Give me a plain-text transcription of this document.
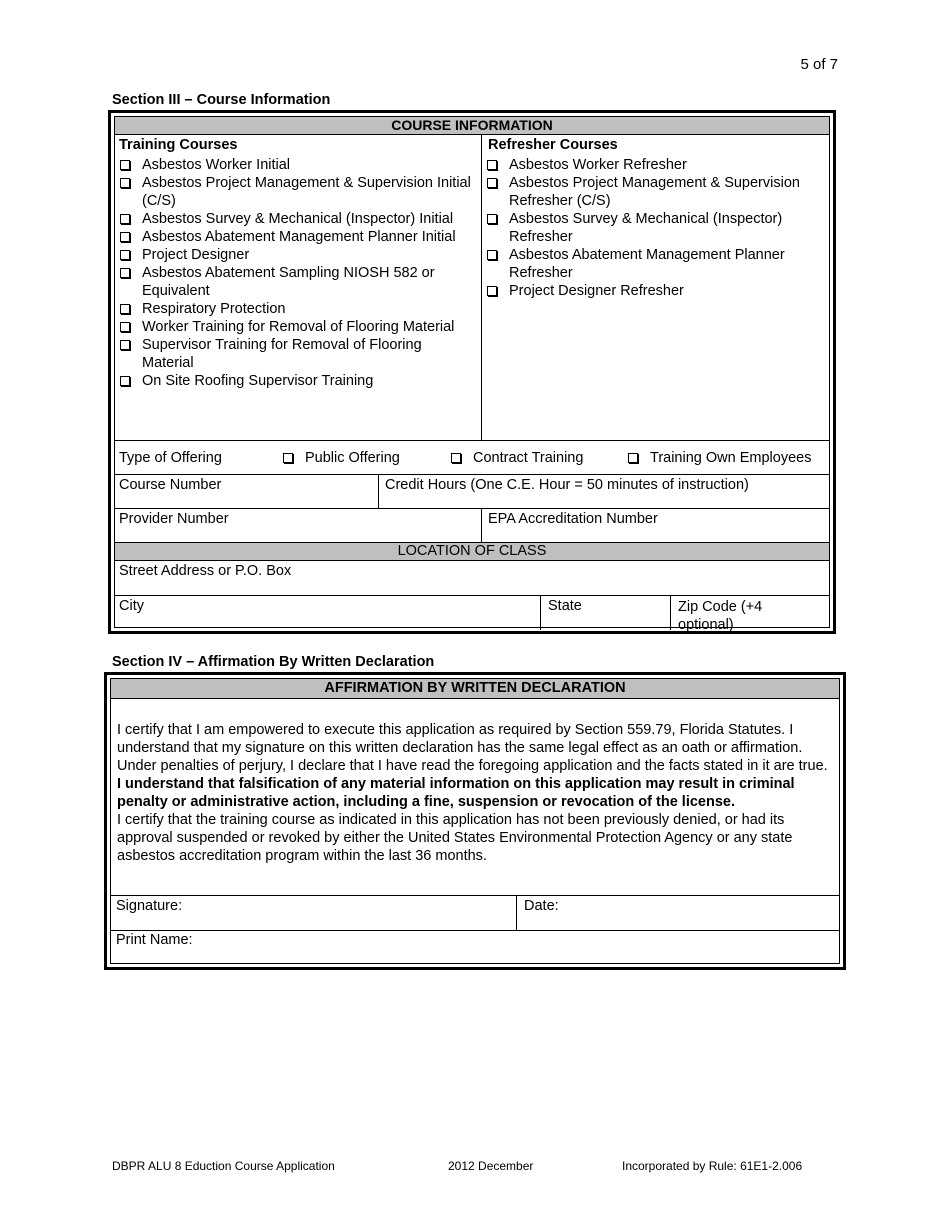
5 of 7
Section III – Course Information
COURSE INFORMATION
Training Courses
Asbestos Worker Initial
Asbestos Project Management & Supervision Initial (C/S)
Asbestos Survey & Mechanical (Inspector) Initial
Asbestos Abatement Management Planner Initial
Project Designer
Asbestos Abatement Sampling NIOSH 582 or Equivalent
Respiratory Protection
Worker Training for Removal of Flooring Material
Supervisor Training for Removal of Flooring Material
On Site Roofing Supervisor Training
Refresher Courses
Asbestos Worker Refresher
Asbestos Project Management & Supervision Refresher (C/S)
Asbestos Survey & Mechanical (Inspector) Refresher
Asbestos Abatement Management Planner Refresher
Project Designer Refresher
Type of Offering	Public Offering	Contract Training	Training Own Employees
Course Number	Credit Hours (One C.E. Hour = 50 minutes of instruction)
Provider Number	EPA Accreditation Number
LOCATION OF CLASS
Street Address or P.O. Box
City	State	Zip Code (+4 optional)
Section IV – Affirmation By Written Declaration
AFFIRMATION BY WRITTEN DECLARATION

I certify that I am empowered to execute this application as required by Section 559.79, Florida Statutes. I understand that my signature on this written declaration has the same legal effect as an oath or affirmation. Under penalties of perjury, I declare that I have read the foregoing application and the facts stated in it are true. I understand that falsification of any material information on this application may result in criminal penalty or administrative action, including a fine, suspension or revocation of the license.

I certify that the training course as indicated in this application has not been previously denied, or had its approval suspended or revoked by either the United States Environmental Protection Agency or any state asbestos accreditation program within the last 36 months.

Signature:	Date:
Print Name:
DBPR ALU 8 Eduction Course Application	2012 December	Incorporated by Rule: 61E1-2.006
